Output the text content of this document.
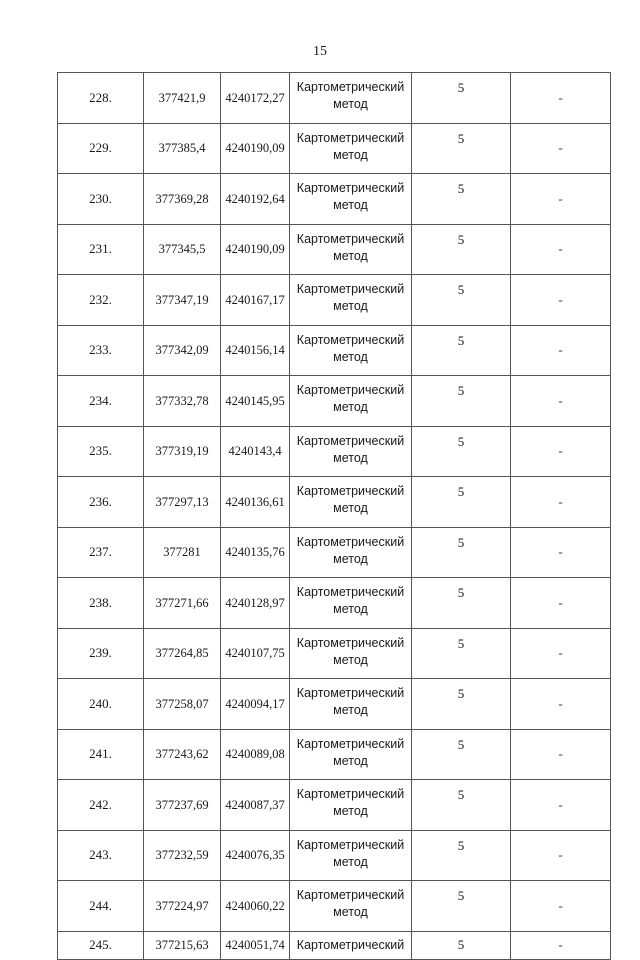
15
228.	377421,9	4240172,27	Картометрический метод	5	-
229.	377385,4	4240190,09	Картометрический метод	5	-
230.	377369,28	4240192,64	Картометрический метод	5	-
231.	377345,5	4240190,09	Картометрический метод	5	-
232.	377347,19	4240167,17	Картометрический метод	5	-
233.	377342,09	4240156,14	Картометрический метод	5	-
234.	377332,78	4240145,95	Картометрический метод	5	-
235.	377319,19	4240143,4	Картометрический метод	5	-
236.	377297,13	4240136,61	Картометрический метод	5	-
237.	377281	4240135,76	Картометрический метод	5	-
238.	377271,66	4240128,97	Картометрический метод	5	-
239.	377264,85	4240107,75	Картометрический метод	5	-
240.	377258,07	4240094,17	Картометрический метод	5	-
241.	377243,62	4240089,08	Картометрический метод	5	-
242.	377237,69	4240087,37	Картометрический метод	5	-
243.	377232,59	4240076,35	Картометрический метод	5	-
244.	377224,97	4240060,22	Картометрический метод	5	-
245.	377215,63	4240051,74	Картометрический	5	-
